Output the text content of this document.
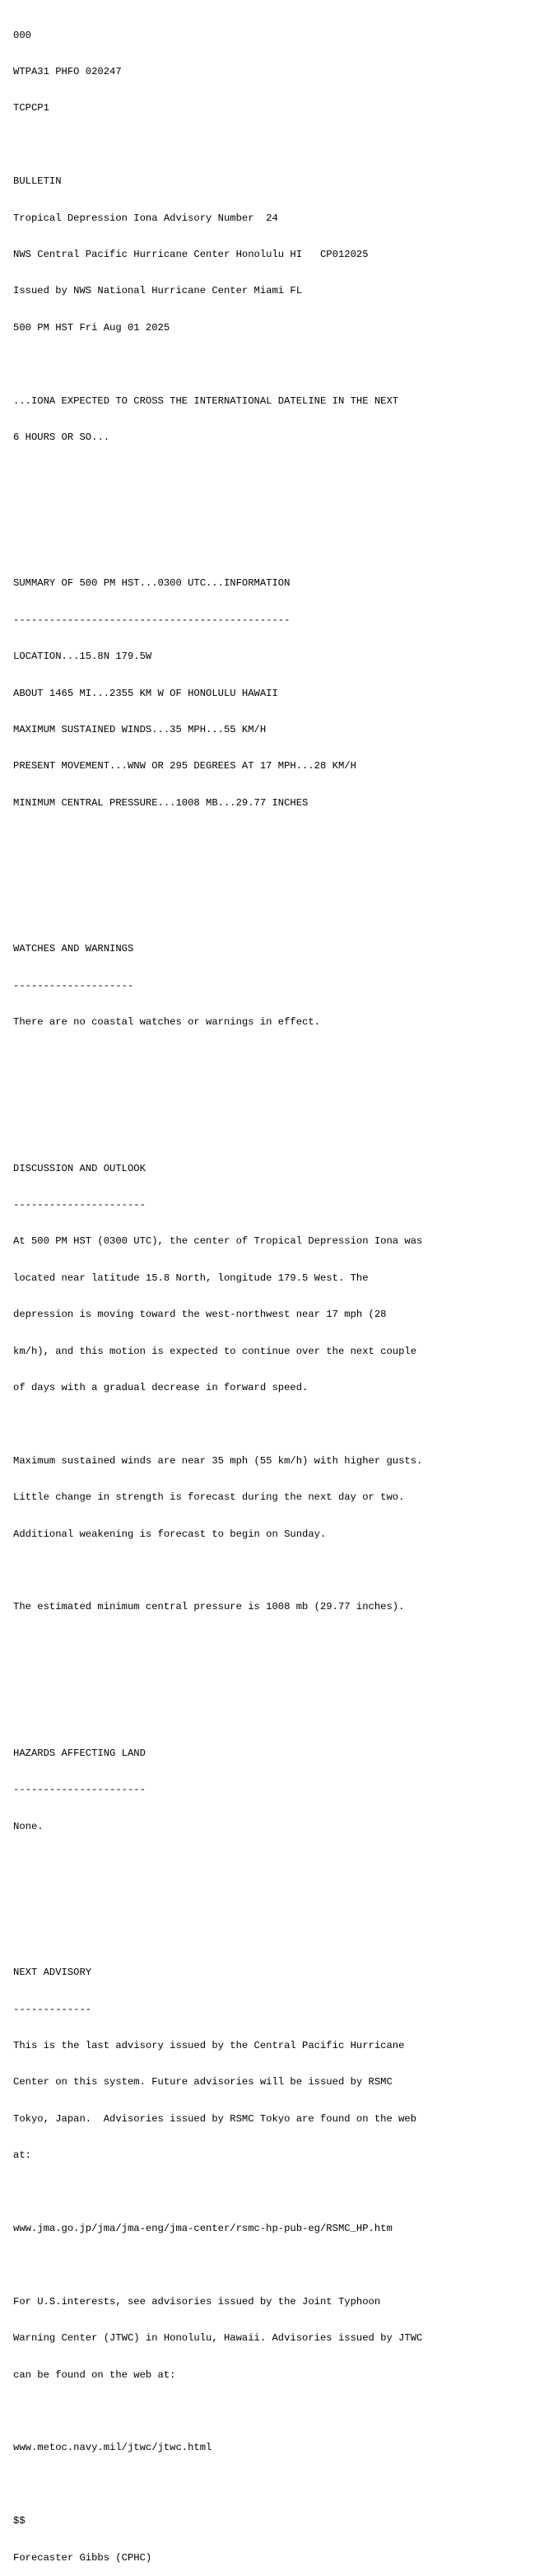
000

WTPA31 PHFO 020247

TCPCP1

BULLETIN

Tropical Depression Iona Advisory Number  24

NWS Central Pacific Hurricane Center Honolulu HI   CP012025

Issued by NWS National Hurricane Center Miami FL

500 PM HST Fri Aug 01 2025

...IONA EXPECTED TO CROSS THE INTERNATIONAL DATELINE IN THE NEXT

6 HOURS OR SO...

SUMMARY OF 500 PM HST...0300 UTC...INFORMATION

----------------------------------------------

LOCATION...15.8N 179.5W

ABOUT 1465 MI...2355 KM W OF HONOLULU HAWAII

MAXIMUM SUSTAINED WINDS...35 MPH...55 KM/H

PRESENT MOVEMENT...WNW OR 295 DEGREES AT 17 MPH...28 KM/H

MINIMUM CENTRAL PRESSURE...1008 MB...29.77 INCHES

WATCHES AND WARNINGS

--------------------

There are no coastal watches or warnings in effect.

DISCUSSION AND OUTLOOK

----------------------

At 500 PM HST (0300 UTC), the center of Tropical Depression Iona was

located near latitude 15.8 North, longitude 179.5 West. The

depression is moving toward the west-northwest near 17 mph (28

km/h), and this motion is expected to continue over the next couple

of days with a gradual decrease in forward speed.

Maximum sustained winds are near 35 mph (55 km/h) with higher gusts.

Little change in strength is forecast during the next day or two.

Additional weakening is forecast to begin on Sunday.

The estimated minimum central pressure is 1008 mb (29.77 inches).

HAZARDS AFFECTING LAND

----------------------

None.

NEXT ADVISORY

-------------

This is the last advisory issued by the Central Pacific Hurricane

Center on this system. Future advisories will be issued by RSMC

Tokyo, Japan.  Advisories issued by RSMC Tokyo are found on the web

at:

www.jma.go.jp/jma/jma-eng/jma-center/rsmc-hp-pub-eg/RSMC_HP.htm

For U.S.interests, see advisories issued by the Joint Typhoon

Warning Center (JTWC) in Honolulu, Hawaii. Advisories issued by JTWC

can be found on the web at:

www.metoc.navy.mil/jtwc/jtwc.html

$$

Forecaster Gibbs (CPHC)
